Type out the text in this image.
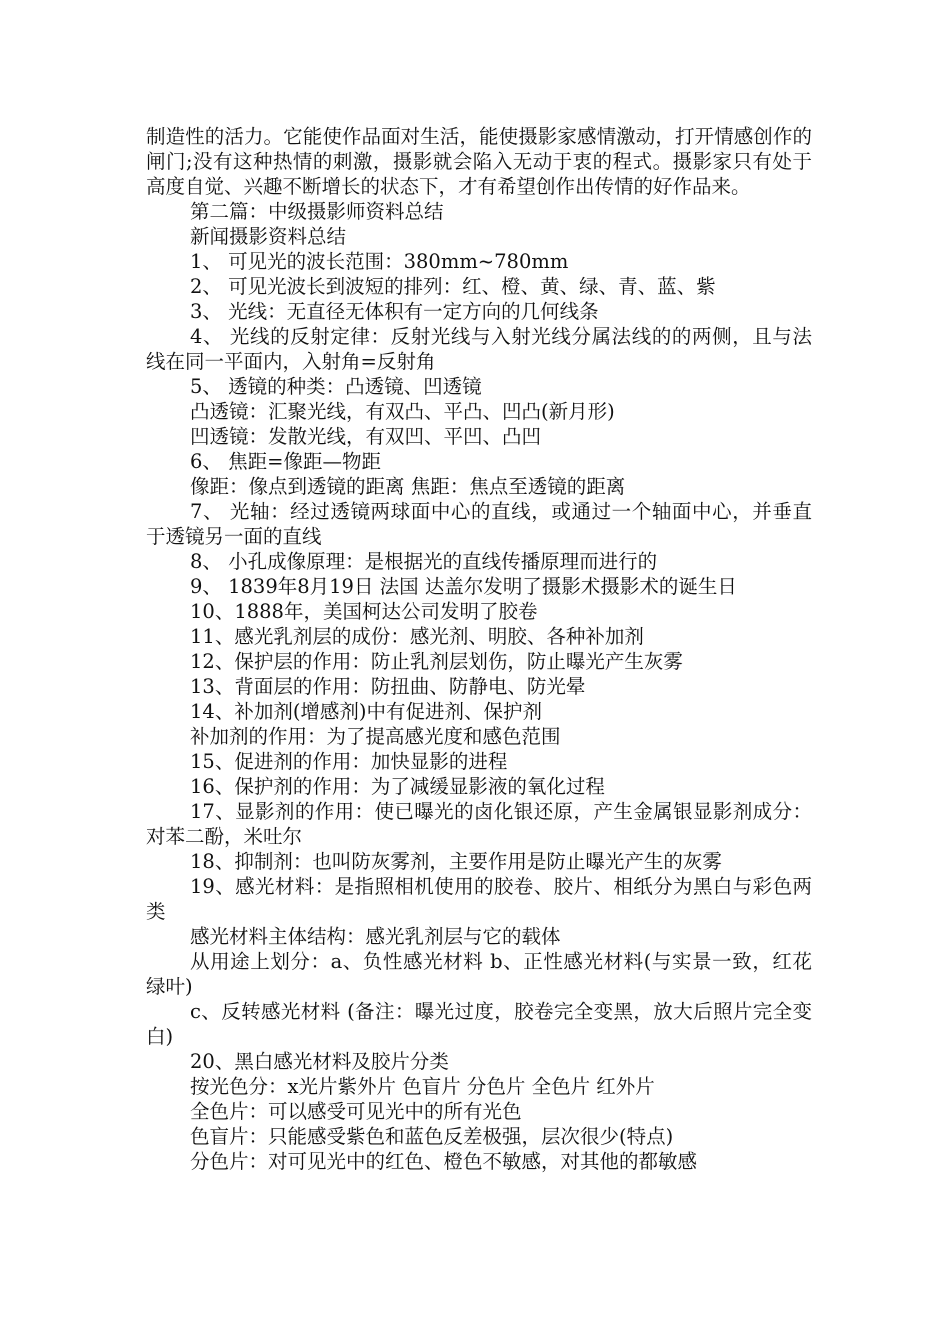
制造性的活力。它能使作品面对生活，能使摄影家感情激动，打开情感创作的闸门;没有这种热情的刺激，摄影就会陷入无动于衷的程式。摄影家只有处于高度自觉、兴趣不断增长的状态下，才有希望创作出传情的好作品来。

第二篇：中级摄影师资料总结

新闻摄影资料总结

1、 可见光的波长范围：380mm~780mm

2、 可见光波长到波短的排列：红、橙、黄、绿、青、蓝、紫

3、 光线：无直径无体积有一定方向的几何线条

4、 光线的反射定律：反射光线与入射光线分属法线的的两侧，且与法线在同一平面内，入射角=反射角

5、 透镜的种类：凸透镜、凹透镜

凸透镜：汇聚光线，有双凸、平凸、凹凸(新月形)

凹透镜：发散光线，有双凹、平凹、凸凹

6、 焦距=像距—物距

像距：像点到透镜的距离 焦距：焦点至透镜的距离

7、 光轴：经过透镜两球面中心的直线，或通过一个轴面中心，并垂直于透镜另一面的直线

8、 小孔成像原理：是根据光的直线传播原理而进行的

9、 1839年8月19日 法国 达盖尔发明了摄影术摄影术的诞生日

10、1888年，美国柯达公司发明了胶卷

11、感光乳剂层的成份：感光剂、明胶、各种补加剂

12、保护层的作用：防止乳剂层划伤，防止曝光产生灰雾

13、背面层的作用：防扭曲、防静电、防光晕

14、补加剂(增感剂)中有促进剂、保护剂

补加剂的作用：为了提高感光度和感色范围

15、促进剂的作用：加快显影的进程

16、保护剂的作用：为了减缓显影液的氧化过程

17、显影剂的作用：使已曝光的卤化银还原，产生金属银显影剂成分：对苯二酚，米吐尔

18、抑制剂：也叫防灰雾剂，主要作用是防止曝光产生的灰雾

19、感光材料：是指照相机使用的胶卷、胶片、相纸分为黑白与彩色两类

感光材料主体结构：感光乳剂层与它的载体

从用途上划分：a、负性感光材料 b、正性感光材料(与实景一致，红花绿叶)

c、反转感光材料 (备注：曝光过度，胶卷完全变黑，放大后照片完全变白)

20、黑白感光材料及胶片分类

按光色分：x光片紫外片 色盲片 分色片 全色片 红外片

全色片：可以感受可见光中的所有光色

色盲片：只能感受紫色和蓝色反差极强，层次很少(特点)

分色片：对可见光中的红色、橙色不敏感，对其他的都敏感
